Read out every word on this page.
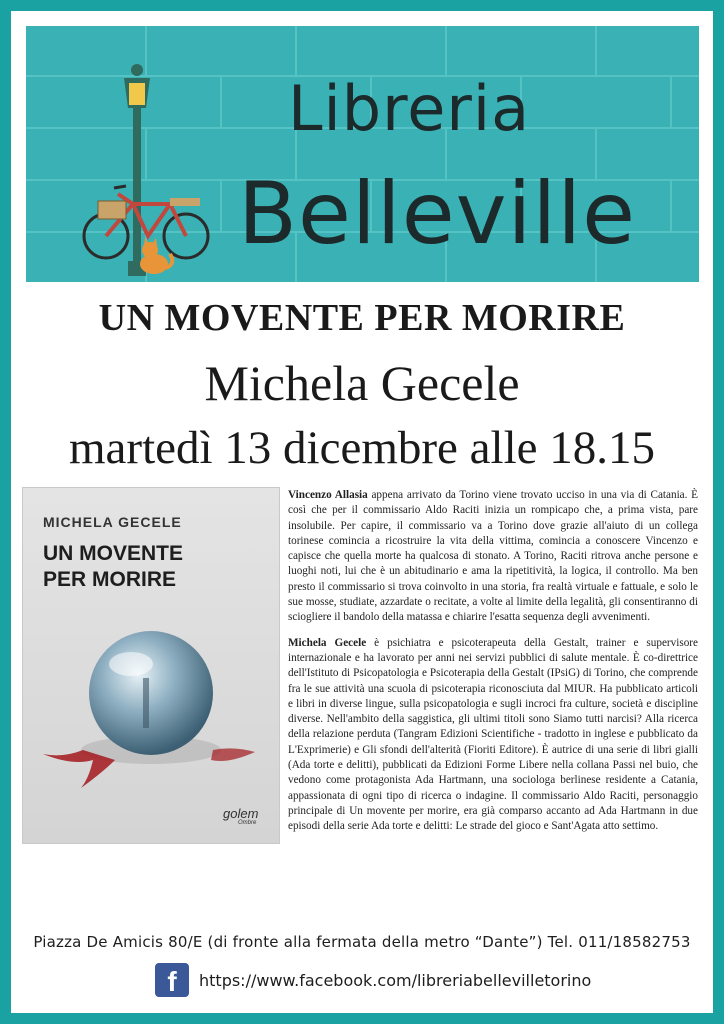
Libreria
Belleville
UN MOVENTE PER MORIRE
Michela Gecele
martedì 13 dicembre alle 18.15
MICHELA GECELE
UN MOVENTE
PER MORIRE
golem
Ombre

Vincenzo Allasia appena arrivato da Torino viene trovato ucciso in una via di Catania. È così che per il commissario Aldo Raciti inizia un rompicapo che, a prima vista, pare insolubile. Per capire, il commissario va a Torino dove grazie all'aiuto di un collega torinese comincia a ricostruire la vita della vittima, comincia a conoscere Vincenzo e capisce che quella morte ha qualcosa di stonato. A Torino, Raciti ritrova anche persone e luoghi noti, lui che è un abitudinario e ama la ripetitività, la logica, il controllo. Ma ben presto il commissario si trova coinvolto in una storia, fra realtà virtuale e fattuale, e solo le sue mosse, studiate, azzardate o recitate, a volte al limite della legalità, gli consentiranno di sciogliere il bandolo della matassa e chiarire l'esatta sequenza degli avvenimenti.

Michela Gecele è psichiatra e psicoterapeuta della Gestalt, trainer e supervisore internazionale e ha lavorato per anni nei servizi pubblici di salute mentale. È co-direttrice dell'Istituto di Psicopatologia e Psicoterapia della Gestalt (IPsiG) di Torino, che comprende fra le sue attività una scuola di psicoterapia riconosciuta dal MIUR. Ha pubblicato articoli e libri in diverse lingue, sulla psicopatologia e sugli incroci fra culture, società e discipline diverse. Nell'ambito della saggistica, gli ultimi titoli sono Siamo tutti narcisi? Alla ricerca della relazione perduta (Tangram Edizioni Scientifiche - tradotto in inglese e pubblicato da L'Exprimerie) e Gli sfondi dell'alterità (Fioriti Editore). È autrice di una serie di libri gialli (Ada torte e delitti), pubblicati da Edizioni Forme Libere nella collana Passi nel buio, che vedono come protagonista Ada Hartmann, una sociologa berlinese residente a Catania, appassionata di ogni tipo di ricerca o indagine. Il commissario Aldo Raciti, personaggio principale di Un movente per morire, era già comparso accanto ad Ada Hartmann in due episodi della serie Ada torte e delitti: Le strade del gioco e Sant'Agata atto settimo.

Piazza De Amicis 80/E (di fronte alla fermata della metro “Dante”) Tel. 011/18582753
f	https://www.facebook.com/libreriabellevilletorino
